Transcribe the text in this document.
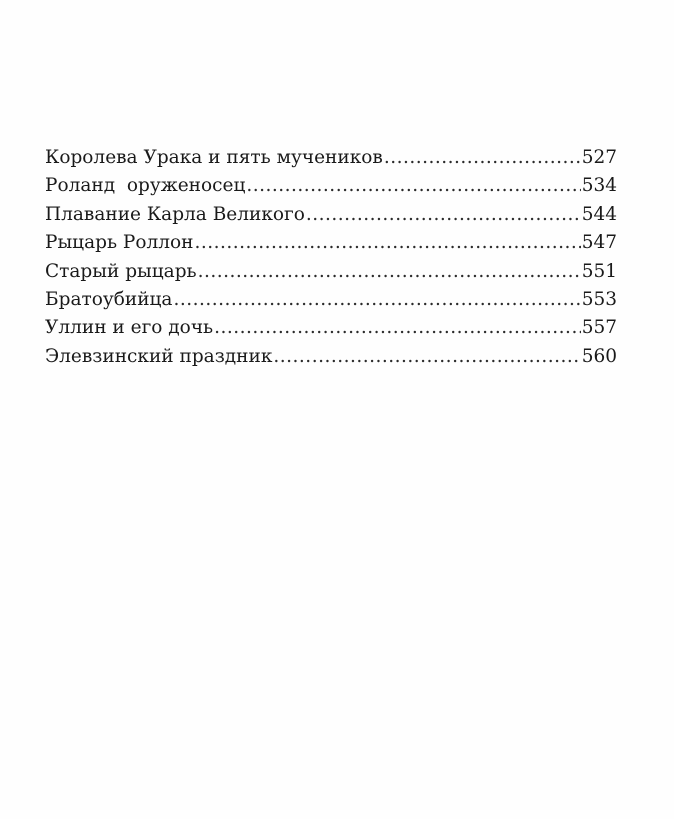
Королева Урака и пять мучеников .....	527
Роланд  оруженосец .....	534
Плавание Карла Великого .....	544
Рыцарь Роллон .....	547
Старый рыцарь .....	551
Братоубийца .....	553
Уллин и его дочь .....	557
Элевзинский праздник .....	560
